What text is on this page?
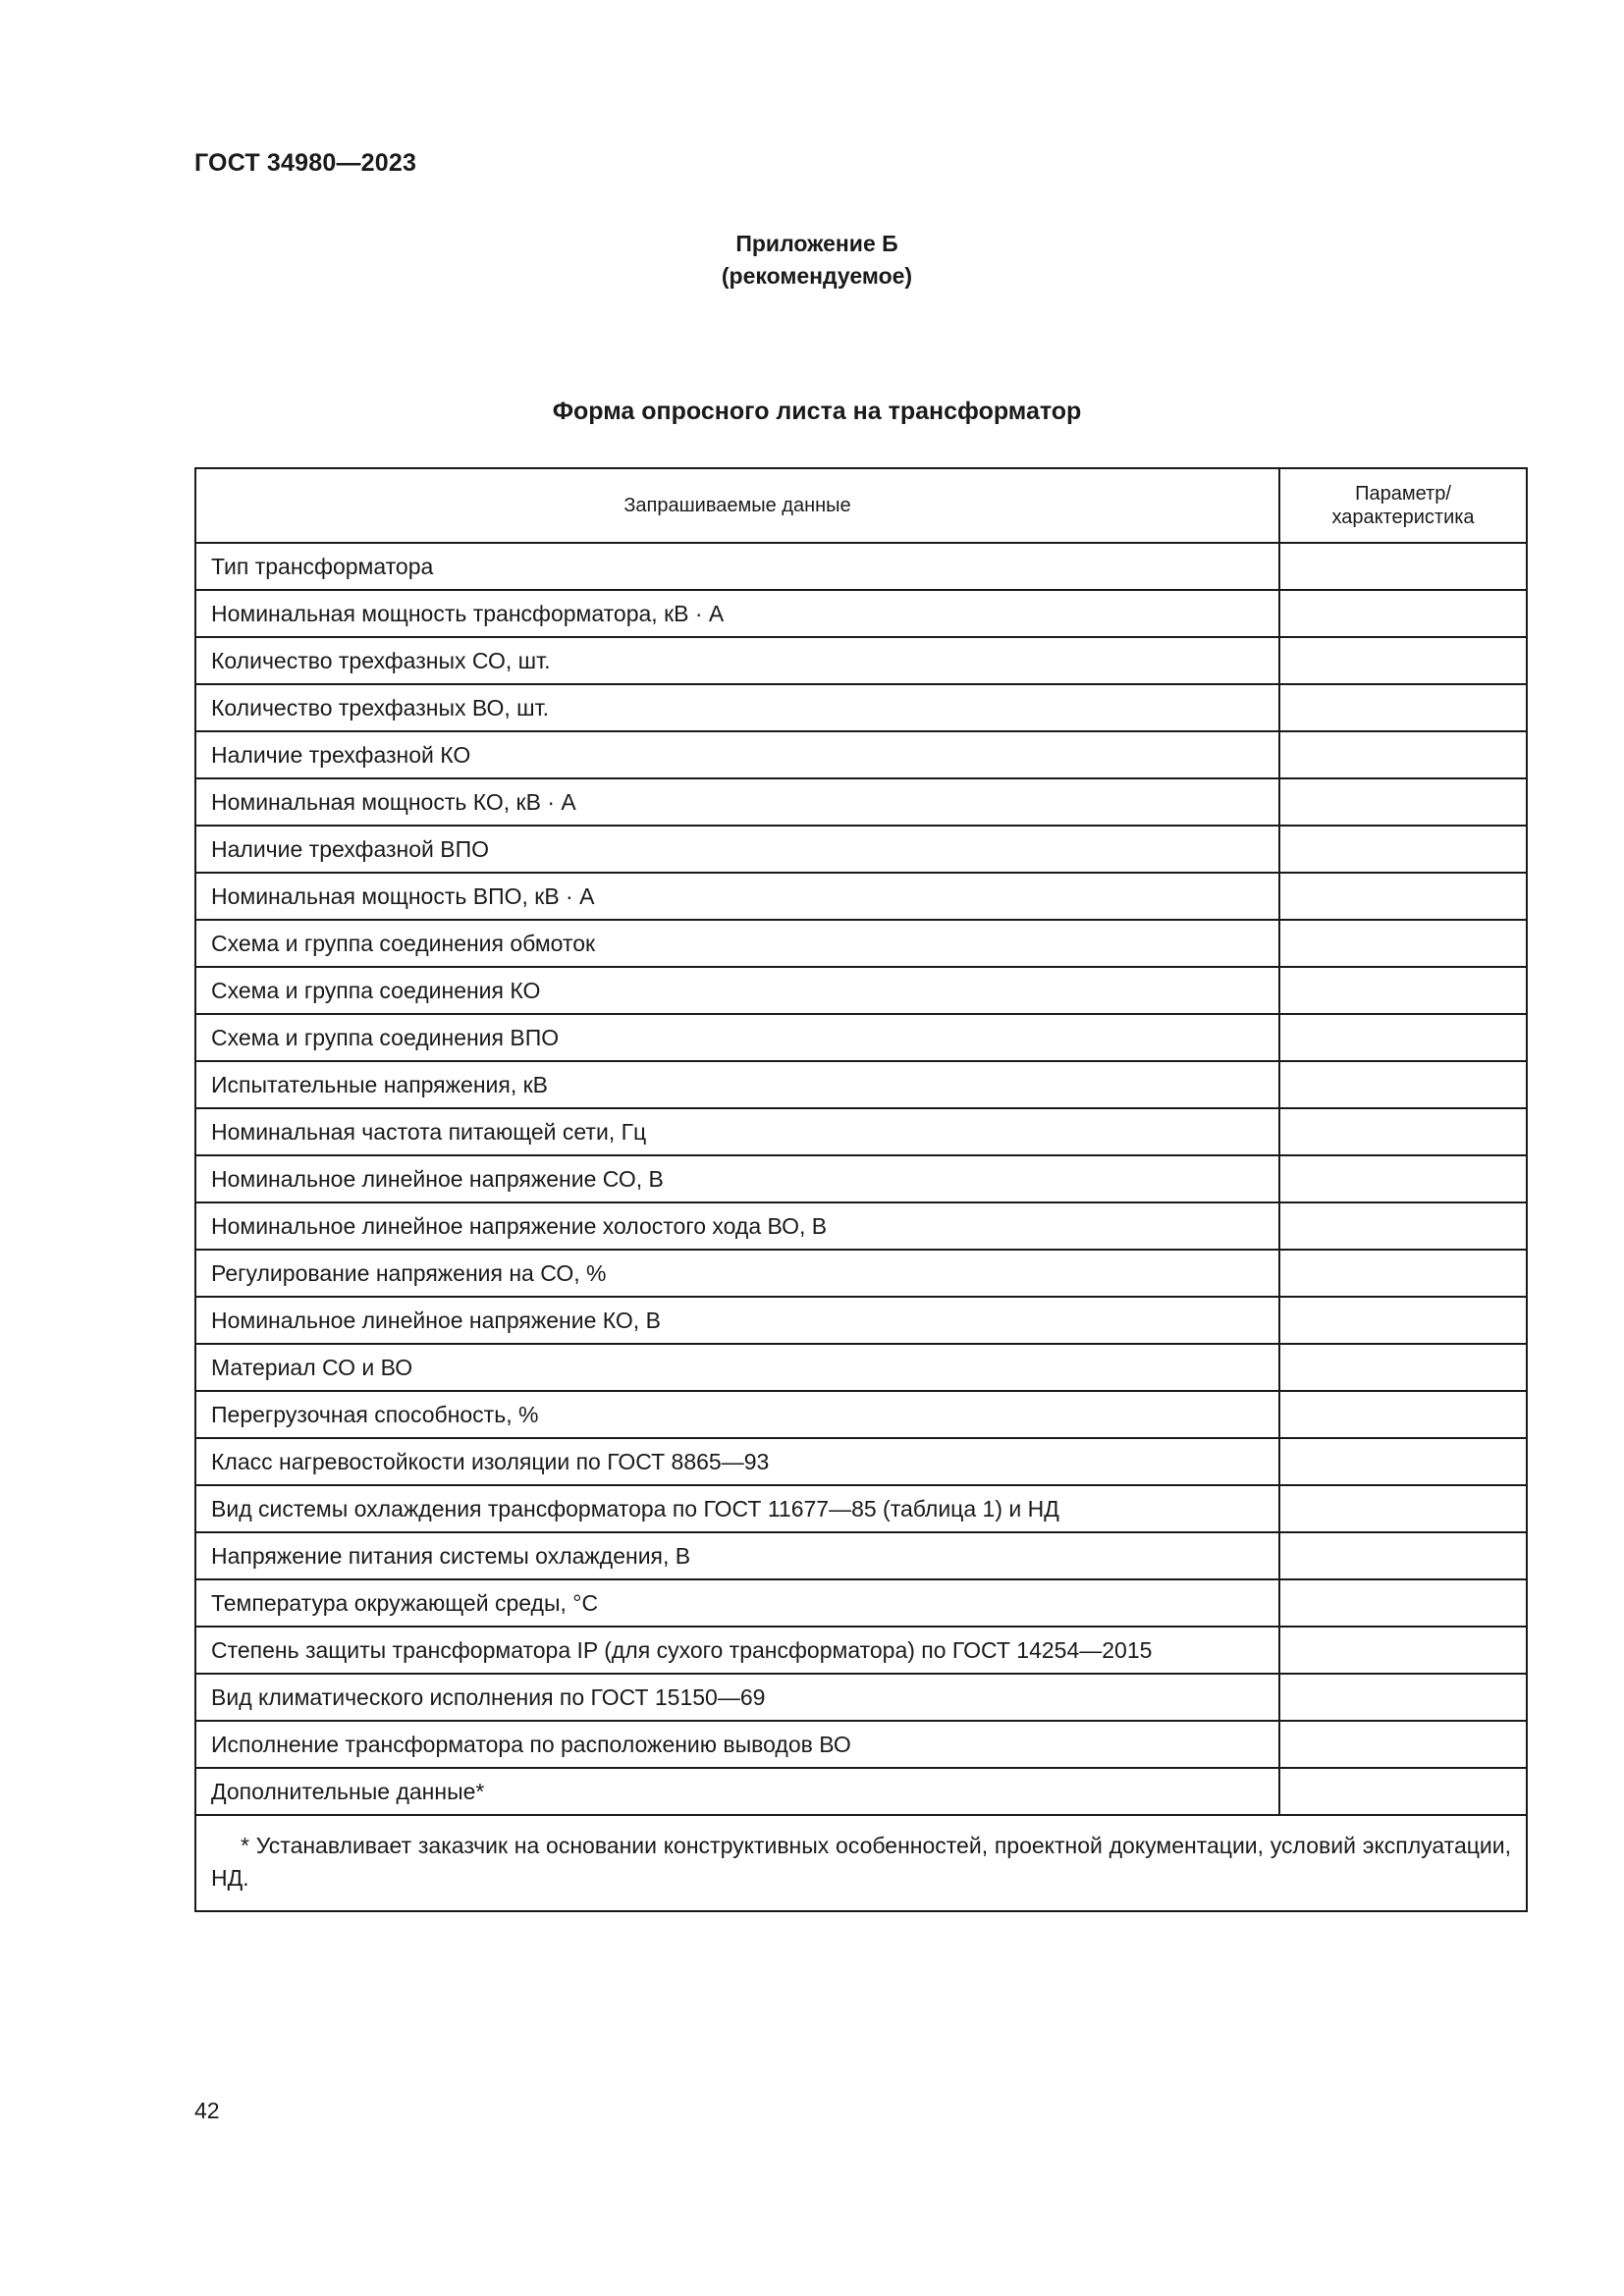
ГОСТ 34980—2023
Приложение Б
(рекомендуемое)
Форма опросного листа на трансформатор
Запрашиваемые данные	Параметр/
характеристика
Тип трансформатора	
Номинальная мощность трансформатора, кВ · А	
Количество трехфазных СО, шт.	
Количество трехфазных ВО, шт.	
Наличие трехфазной КО	
Номинальная мощность КО, кВ · А	
Наличие трехфазной ВПО	
Номинальная мощность ВПО, кВ · А	
Схема и группа соединения обмоток	
Схема и группа соединения КО	
Схема и группа соединения ВПО	
Испытательные напряжения, кВ	
Номинальная частота питающей сети, Гц	
Номинальное линейное напряжение СО, В	
Номинальное линейное напряжение холостого хода ВО, В	
Регулирование напряжения на СО, %	
Номинальное линейное напряжение КО, В	
Материал СО и ВО	
Перегрузочная способность, %	
Класс нагревостойкости изоляции по ГОСТ 8865—93	
Вид системы охлаждения трансформатора по ГОСТ 11677—85 (таблица 1) и НД	
Напряжение питания системы охлаждения, В	
Температура окружающей среды, °С	
Степень защиты трансформатора IP (для сухого трансформатора) по ГОСТ 14254—2015	
Вид климатического исполнения по ГОСТ 15150—69	
Исполнение трансформатора по расположению выводов ВО	
Дополнительные данные*	
* Устанавливает заказчик на основании конструктивных особенностей, проектной документации, условий эксплуатации, НД.	
42
